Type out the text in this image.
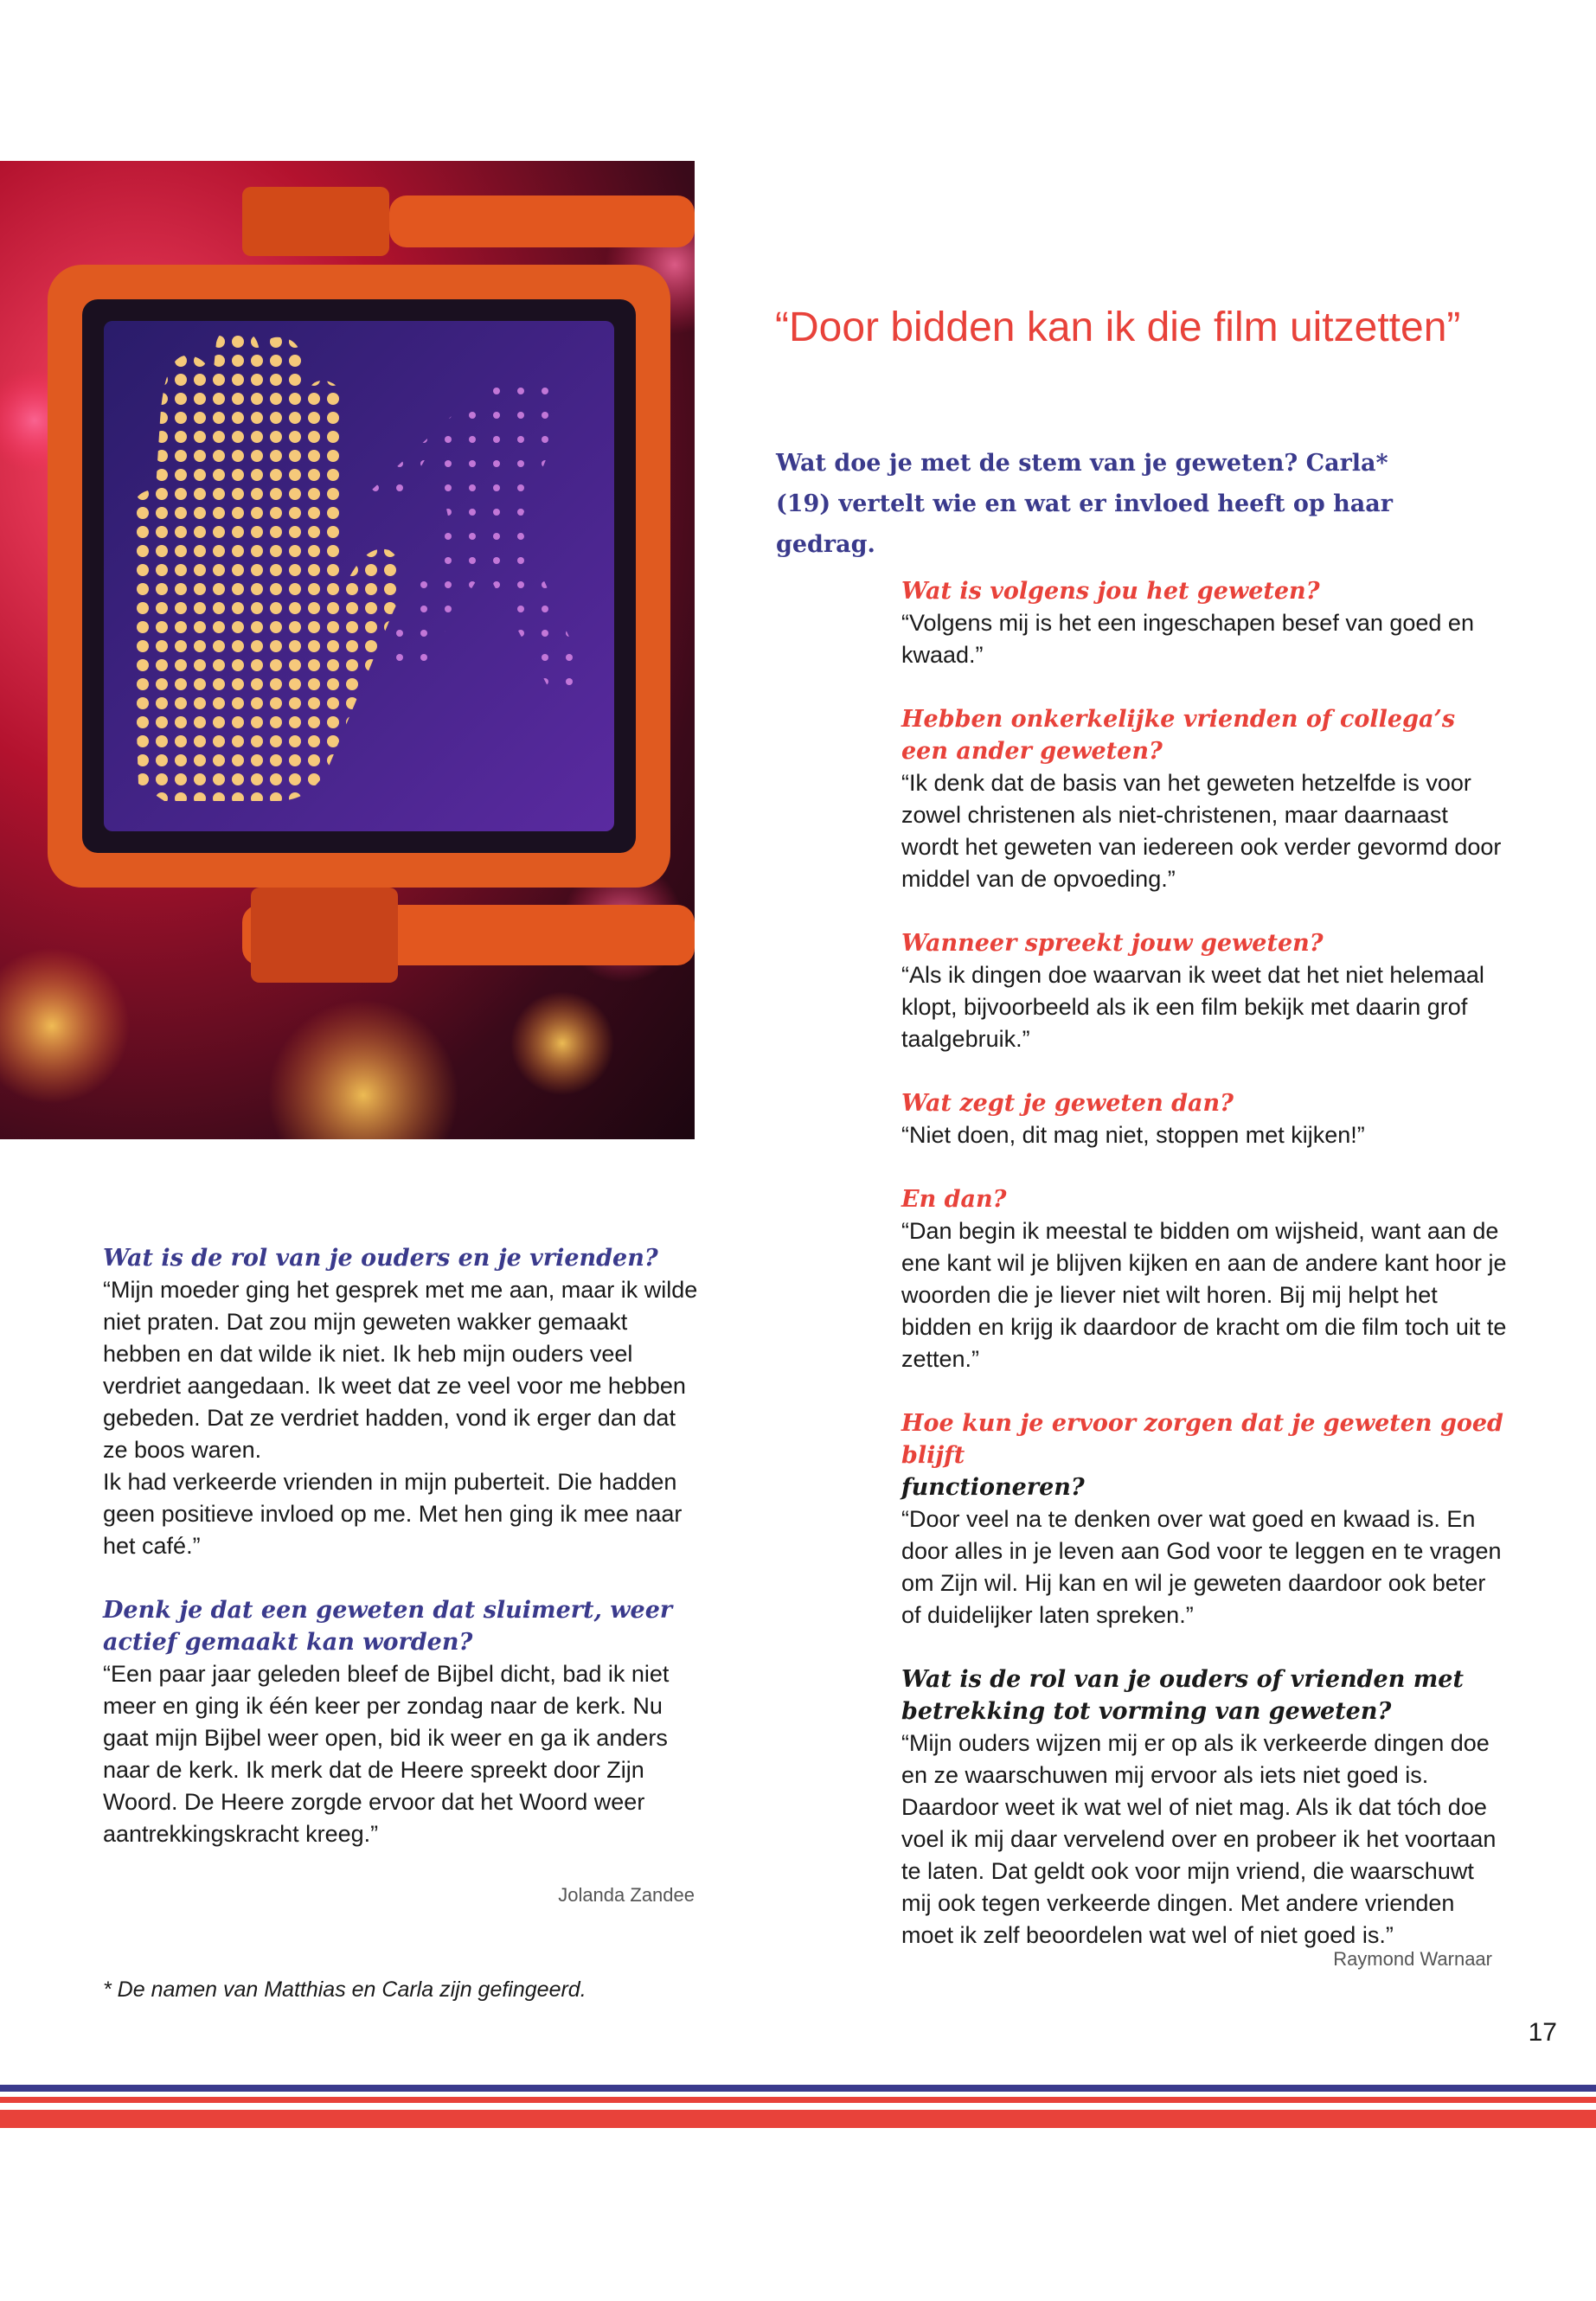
“Door bidden kan ik die film uitzetten”
Wat doe je met de stem van je geweten? Carla* (19) vertelt wie en wat er invloed heeft op haar gedrag.
Wat is volgens jou het geweten?

“Volgens mij is het een ingeschapen besef van goed en kwaad.”

Hebben onkerkelijke vrienden of collega’s een ander geweten?

“Ik denk dat de basis van het geweten hetzelfde is voor zowel christenen als niet-christenen, maar daarnaast wordt het geweten van iedereen ook verder gevormd door middel van de opvoeding.”

Wanneer spreekt jouw geweten?

“Als ik dingen doe waarvan ik weet dat het niet helemaal klopt, bijvoorbeeld als ik een film bekijk met daarin grof taalgebruik.”

Wat zegt je geweten dan?

“Niet doen, dit mag niet, stoppen met kijken!”

En dan?

“Dan begin ik meestal te bidden om wijsheid, want aan de ene kant wil je blijven kijken en aan de andere kant hoor je woorden die je liever niet wilt horen. Bij mij helpt het bidden en krijg ik daardoor de kracht om die film toch uit te zetten.”

Hoe kun je ervoor zorgen dat je geweten goed blijft
functioneren?

“Door veel na te denken over wat goed en kwaad is. En door alles in je leven aan God voor te leggen en te vragen om Zijn wil. Hij kan en wil je geweten daardoor ook beter of duidelijker laten spreken.”

Wat is de rol van je ouders of vrienden met betrekking tot vorming van geweten?

“Mijn ouders wijzen mij er op als ik verkeerde dingen doe en ze waarschuwen mij ervoor als iets niet goed is. Daardoor weet ik wat wel of niet mag. Als ik dat tóch doe voel ik mij daar vervelend over en probeer ik het voortaan te laten. Dat geldt ook voor mijn vriend, die waarschuwt mij ook tegen verkeerde dingen. Met andere vrienden moet ik zelf beoordelen wat wel of niet goed is.”

Raymond Warnaar
Wat is de rol van je ouders en je vrienden?

“Mijn moeder ging het gesprek met me aan, maar ik wilde niet praten. Dat zou mijn geweten wakker gemaakt hebben en dat wilde ik niet. Ik heb mijn ouders veel verdriet aangedaan. Ik weet dat ze veel voor me hebben gebeden. Dat ze verdriet hadden, vond ik erger dan dat ze boos waren.

Ik had verkeerde vrienden in mijn puberteit. Die hadden geen positieve invloed op me. Met hen ging ik mee naar het café.”

Denk je dat een geweten dat sluimert, weer actief gemaakt kan worden?

“Een paar jaar geleden bleef de Bijbel dicht, bad ik niet meer en ging ik één keer per zondag naar de kerk. Nu gaat mijn Bijbel weer open, bid ik weer en ga ik anders naar de kerk. Ik merk dat de Heere spreekt door Zijn Woord. De Heere zorgde ervoor dat het Woord weer aantrekkingskracht kreeg.”

Jolanda Zandee
* De namen van Matthias en Carla zijn gefingeerd.
17
